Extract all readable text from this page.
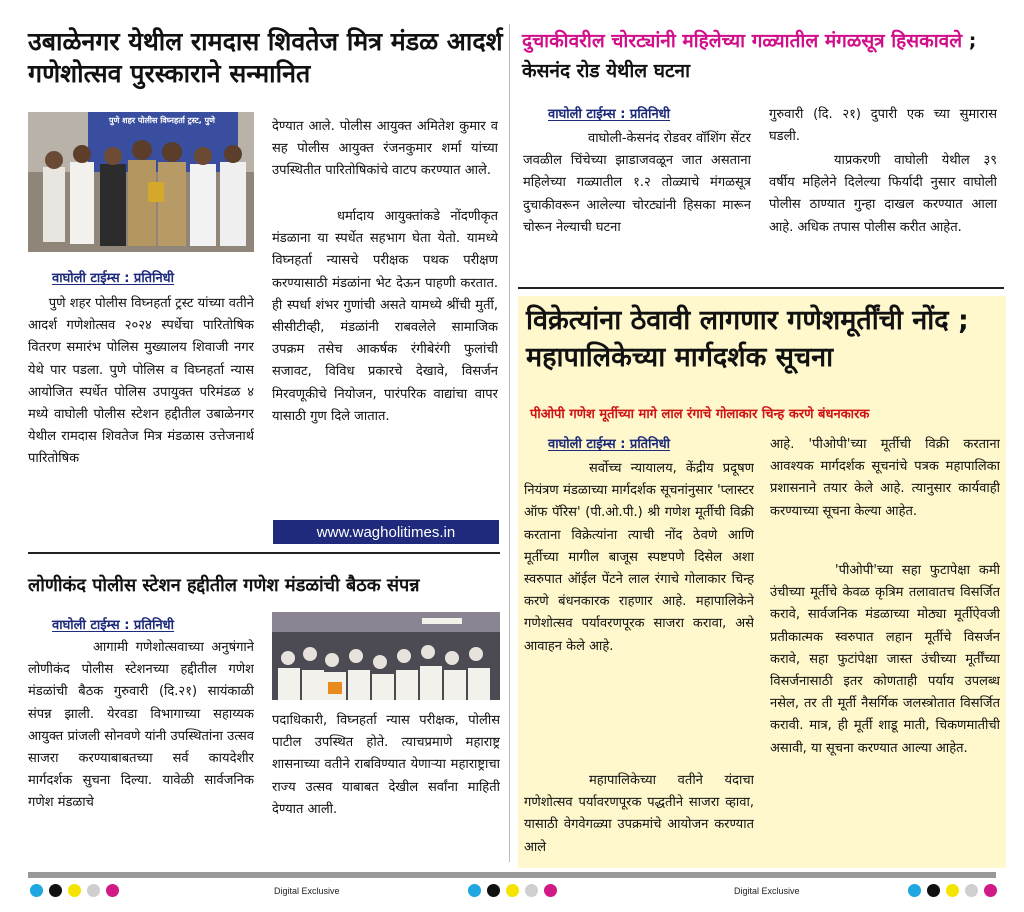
उबाळेनगर येथील रामदास शिवतेज मित्र मंडळ आदर्श गणेशोत्सव पुरस्काराने सन्मानित
पुणे शहर पोलीस विघ्नहर्ता ट्रस्ट, पुणे
वाघोली टाईम्स : प्रतिनिधी
पुणे शहर पोलीस विघ्नहर्ता ट्रस्ट यांच्या वतीने आदर्श गणेशोत्सव २०२४ स्पर्धेचा पारितोषिक वितरण समारंभ पोलिस मुख्यालय शिवाजी नगर येथे पार पडला. पुणे पोलिस व विघ्नहर्ता न्यास आयोजित स्पर्धेत पोलिस उपायुक्त परिमंडळ ४ मध्ये वाघोली पोलीस स्टेशन हद्दीतील उबाळेनगर येथील रामदास शिवतेज मित्र मंडळास उत्तेजनार्थ पारितोषिक
देण्यात आले. पोलीस आयुक्त अमितेश कुमार व सह पोलीस आयुक्त रंजनकुमार शर्मा यांच्या उपस्थितीत पारितोषिकांचे वाटप करण्यात आले.
धर्मादाय आयुक्तांकडे नोंदणीकृत मंडळाना या स्पर्धेत सहभाग घेता येतो. यामध्ये विघ्नहर्ता न्यासचे परीक्षक पथक परीक्षण करण्यासाठी मंडळांना भेट देऊन पाहणी करतात. ही स्पर्धा शंभर गुणांची असते यामध्ये श्रींची मुर्ती, सीसीटीव्ही, मंडळांनी राबवलेले सामाजिक उपक्रम तसेच आकर्षक रंगीबेरंगी फुलांची सजावट, विविध प्रकारचे देखावे, विसर्जन मिरवणूकीचे नियोजन, पारंपरिक वाद्यांचा वापर यासाठी गुण दिले जातात.
www.wagholitimes.in
लोणीकंद पोलीस स्टेशन हद्दीतील गणेश मंडळांची बैठक संपन्न
वाघोली टाईम्स : प्रतिनिधी
आगामी गणेशोत्सवाच्या अनुषंगाने लोणीकंद पोलीस स्टेशनच्या हद्दीतील गणेश मंडळांची बैठक गुरुवारी (दि.२१) सायंकाळी संपन्न झाली. येरवडा विभागाच्या सहाय्यक आयुक्त प्रांजली सोनवणे यांनी उपस्थितांना उत्सव साजरा करण्याबाबतच्या सर्व कायदेशीर मार्गदर्शक सुचना दिल्या. यावेळी सार्वजनिक गणेश मंडळाचे
पदाधिकारी, विघ्नहर्ता न्यास परीक्षक, पोलीस पाटील उपस्थित होते. त्याचप्रमाणे महाराष्ट्र शासनाच्या वतीने राबविण्यात येणाऱ्या महाराष्ट्राचा राज्य उत्सव याबाबत देखील सर्वांना माहिती देण्यात आली.
दुचाकीवरील चोरट्यांनी महिलेच्या गळ्यातील मंगळसूत्र हिसकावले ; केसनंद रोड येथील घटना
वाघोली टाईम्स : प्रतिनिधी
वाघोली-केसनंद रोडवर वॉशिंग सेंटर जवळील चिंचेच्या झाडाजवळून जात असताना महिलेच्या गळ्यातील १.२ तोळ्याचे मंगळसूत्र दुचाकीवरून आलेल्या चोरट्यांनी हिसका मारून चोरून नेल्याची घटना
गुरुवारी (दि. २१) दुपारी एक च्या सुमारास घडली.
याप्रकरणी वाघोली येथील ३९ वर्षीय महिलेने दिलेल्या फिर्यादी नुसार वाघोली पोलीस ठाण्यात गुन्हा दाखल करण्यात आला आहे. अधिक तपास पोलीस करीत आहेत.
विक्रेत्यांना ठेवावी लागणार गणेशमूर्तींची नोंद ; महापालिकेच्या मार्गदर्शक सूचना
पीओपी गणेश मूर्तीच्या मागे लाल रंगाचे गोलाकार चिन्ह करणे बंधनकारक
वाघोली टाईम्स : प्रतिनिधी
सर्वोच्च न्यायालय, केंद्रीय प्रदूषण नियंत्रण मंडळाच्या मार्गदर्शक सूचनांनुसार 'प्लास्टर ऑफ पॅरिस' (पी.ओ.पी.) श्री गणेश मूर्तीची विक्री करताना विक्रेत्यांना त्याची नोंद ठेवणे आणि मूर्तीच्या मागील बाजूस स्पष्टपणे दिसेल अशा स्वरुपात ऑईल पेंटने लाल रंगाचे गोलाकार चिन्ह करणे बंधनकारक राहणार आहे. महापालिकेने गणेशोत्सव पर्यावरणपूरक साजरा करावा, असे आवाहन केले आहे.
महापालिकेच्या वतीने यंदाचा गणेशोत्सव पर्यावरणपूरक पद्धतीने साजरा व्हावा, यासाठी वेगवेगळ्या उपक्रमांचे आयोजन करण्यात आले
आहे. 'पीओपी'च्या मूर्तीची विक्री करताना आवश्यक मार्गदर्शक सूचनांचे पत्रक महापालिका प्रशासनाने तयार केले आहे. त्यानुसार कार्यवाही करण्याच्या सूचना केल्या आहेत.
'पीओपी'च्या सहा फुटापेक्षा कमी उंचीच्या मूर्तीचे केवळ कृत्रिम तलावातच विसर्जित करावे, सार्वजनिक मंडळाच्या मोठ्या मूर्तीऐवजी प्रतीकात्मक स्वरुपात लहान मूर्तीचे विसर्जन करावे, सहा फुटांपेक्षा जास्त उंचीच्या मूर्तींच्या विसर्जनासाठी इतर कोणताही पर्याय उपलब्ध नसेल, तर ती मूर्ती नैसर्गिक जलस्त्रोतात विसर्जित करावी. मात्र, ही मूर्ती शाडू माती, चिकणमातीची असावी, या सूचना करण्यात आल्या आहेत.
Digital Exclusive	Digital Exclusive
